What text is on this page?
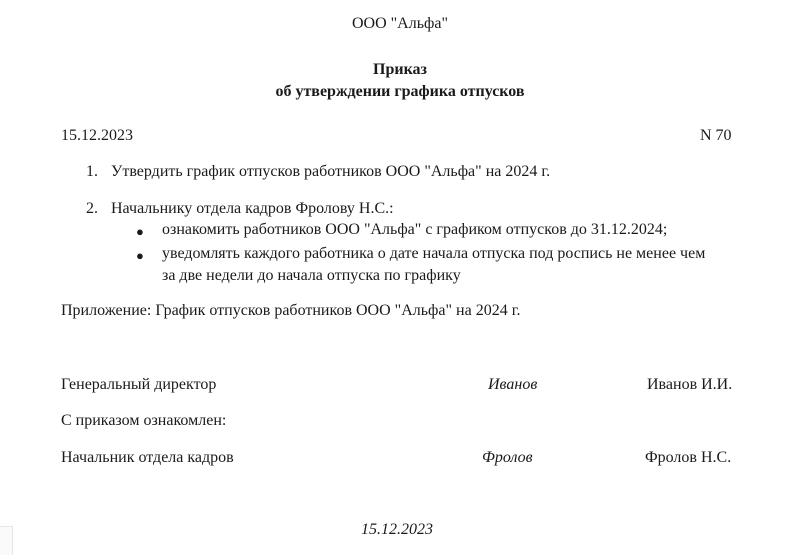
ООО "Альфа"
Приказ
об утверждении графика отпусков
15.12.2023	N 70
1. Утвердить график отпусков работников ООО "Альфа" на 2024 г.
2. Начальнику отдела кадров Фролову Н.С.:
● ознакомить работников ООО "Альфа" с графиком отпусков до 31.12.2024;
● уведомлять каждого работника о дате начала отпуска под роспись не менее чем
за две недели до начала отпуска по графику
Приложение: График отпусков работников ООО "Альфа" на 2024 г.
Генеральный директор	Иванов	Иванов И.И.
С приказом ознакомлен:
Начальник отдела кадров	Фролов	Фролов Н.С.
15.12.2023
